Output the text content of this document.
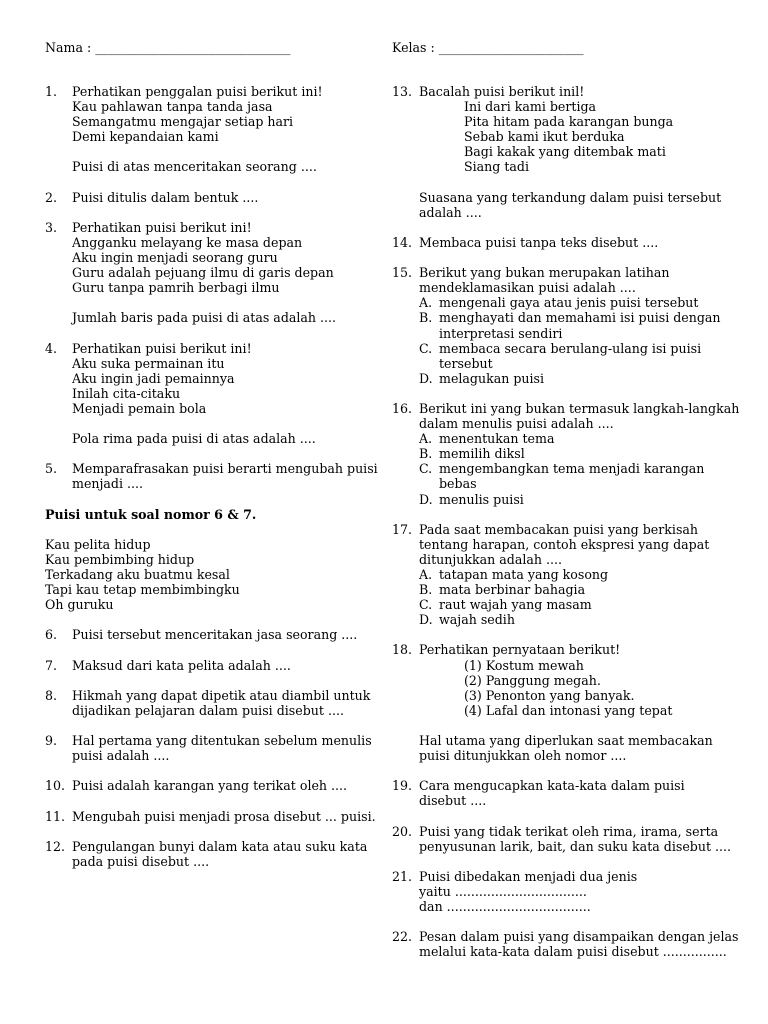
Nama : _______________________________	Kelas : _______________________
1. Perhatikan penggalan puisi berikut ini!
Kau pahlawan tanpa tanda jasa
Semangatmu mengajar setiap hari
Demi kepandaian kami
Puisi di atas menceritakan seorang ....
2. Puisi ditulis dalam bentuk ....
3. Perhatikan puisi berikut ini!
Angganku melayang ke masa depan
Aku ingin menjadi seorang guru
Guru adalah pejuang ilmu di garis depan
Guru tanpa pamrih berbagi ilmu
Jumlah baris pada puisi di atas adalah ....
4. Perhatikan puisi berikut ini!
Aku suka permainan itu
Aku ingin jadi pemainnya
Inilah cita-citaku
Menjadi pemain bola
Pola rima pada puisi di atas adalah ....
5. Memparafrasakan puisi berarti mengubah puisi
menjadi ....
Puisi untuk soal nomor 6 & 7.
Kau pelita hidup
Kau pembimbing hidup
Terkadang aku buatmu kesal
Tapi kau tetap membimbingku
Oh guruku
6. Puisi tersebut menceritakan jasa seorang ....
7. Maksud dari kata pelita adalah ....
8. Hikmah yang dapat dipetik atau diambil untuk
dijadikan pelajaran dalam puisi disebut ....
9. Hal pertama yang ditentukan sebelum menulis
puisi adalah ....
10. Puisi adalah karangan yang terikat oleh ....
11. Mengubah puisi menjadi prosa disebut ... puisi.
12. Pengulangan bunyi dalam kata atau suku kata
pada puisi disebut ....
13. Bacalah puisi berikut inil!
Ini dari kami bertiga
Pita hitam pada karangan bunga
Sebab kami ikut berduka
Bagi kakak yang ditembak mati
Siang tadi
Suasana yang terkandung dalam puisi tersebut
adalah ....
14. Membaca puisi tanpa teks disebut ....
15. Berikut yang bukan merupakan latihan
mendeklamasikan puisi adalah ....
A. mengenali gaya atau jenis puisi tersebut
B. menghayati dan memahami isi puisi dengan
interpretasi sendiri
C. membaca secara berulang-ulang isi puisi
tersebut
D. melagukan puisi
16. Berikut ini yang bukan termasuk langkah-langkah
dalam menulis puisi adalah ....
A. menentukan tema
B. memilih diksl
C. mengembangkan tema menjadi karangan
bebas
D. menulis puisi
17. Pada saat membacakan puisi yang berkisah
tentang harapan, contoh ekspresi yang dapat
ditunjukkan adalah ....
A. tatapan mata yang kosong
B. mata berbinar bahagia
C. raut wajah yang masam
D. wajah sedih
18. Perhatikan pernyataan berikut!
(1) Kostum mewah
(2) Panggung megah.
(3) Penonton yang banyak.
(4) Lafal dan intonasi yang tepat
Hal utama yang diperlukan saat membacakan
puisi ditunjukkan oleh nomor ....
19. Cara mengucapkan kata-kata dalam puisi
disebut ....
20. Puisi yang tidak terikat oleh rima, irama, serta
penyusunan larik, bait, dan suku kata disebut ....
21. Puisi dibedakan menjadi dua jenis
yaitu .................................
dan ....................................
22. Pesan dalam puisi yang disampaikan dengan jelas
melalui kata-kata dalam puisi disebut ................
